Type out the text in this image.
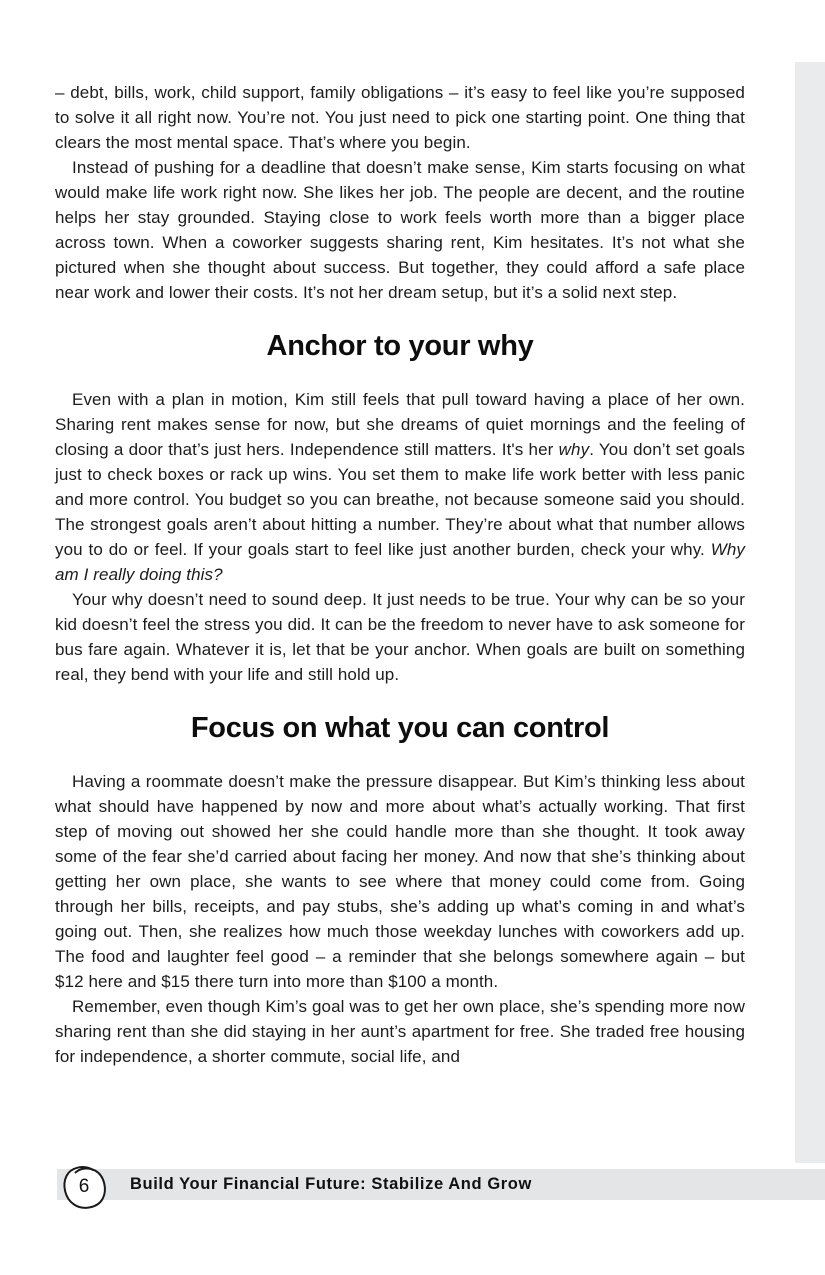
– debt, bills, work, child support, family obligations – it’s easy to feel like you’re supposed to solve it all right now. You’re not. You just need to pick one starting point. One thing that clears the most mental space. That’s where you begin.

Instead of pushing for a deadline that doesn’t make sense, Kim starts focusing on what would make life work right now. She likes her job. The people are decent, and the routine helps her stay grounded. Staying close to work feels worth more than a bigger place across town. When a coworker suggests sharing rent, Kim hesitates. It’s not what she pictured when she thought about success. But together, they could afford a safe place near work and lower their costs. It’s not her dream setup, but it’s a solid next step.

Anchor to your why

Even with a plan in motion, Kim still feels that pull toward having a place of her own. Sharing rent makes sense for now, but she dreams of quiet mornings and the feeling of closing a door that’s just hers. Independence still matters. It's her why. You don’t set goals just to check boxes or rack up wins. You set them to make life work better with less panic and more control. You budget so you can breathe, not because someone said you should. The strongest goals aren’t about hitting a number. They’re about what that number allows you to do or feel. If your goals start to feel like just another burden, check your why. Why am I really doing this?

Your why doesn’t need to sound deep. It just needs to be true. Your why can be so your kid doesn’t feel the stress you did. It can be the freedom to never have to ask someone for bus fare again. Whatever it is, let that be your anchor. When goals are built on something real, they bend with your life and still hold up.

Focus on what you can control

Having a roommate doesn’t make the pressure disappear. But Kim’s thinking less about what should have happened by now and more about what’s actually working. That first step of moving out showed her she could handle more than she thought. It took away some of the fear she’d carried about facing her money. And now that she’s thinking about getting her own place, she wants to see where that money could come from. Going through her bills, receipts, and pay stubs, she’s adding up what’s coming in and what’s going out. Then, she realizes how much those weekday lunches with coworkers add up. The food and laughter feel good – a reminder that she belongs somewhere again – but $12 here and $15 there turn into more than $100 a month.

Remember, even though Kim’s goal was to get her own place, she’s spending more now sharing rent than she did staying in her aunt’s apartment for free. She traded free housing for independence, a shorter commute, social life, and

Build Your Financial Future: Stabilize And Grow
6
